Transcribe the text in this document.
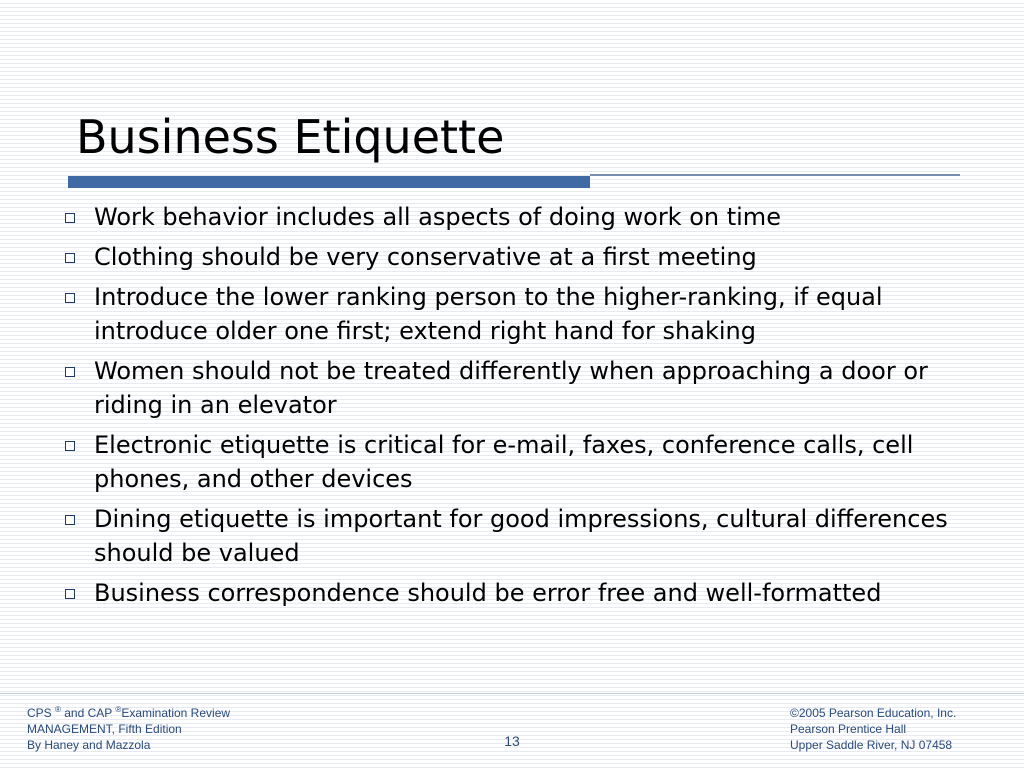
Business Etiquette
Work behavior includes all aspects of doing work on time
Clothing should be very conservative at a first meeting
Introduce the lower ranking person to the higher-ranking, if equal introduce older one first; extend right hand for shaking
Women should not be treated differently when approaching a door or riding in an elevator
Electronic etiquette is critical for e-mail, faxes, conference calls, cell phones, and other devices
Dining etiquette is important for good impressions, cultural differences should be valued
Business correspondence should be error free and well-formatted
CPS ® and CAP ®Examination Review
MANAGEMENT, Fifth Edition
By Haney and Mazzola	13
©2005 Pearson Education, Inc.
Pearson Prentice Hall
Upper Saddle River, NJ 07458
